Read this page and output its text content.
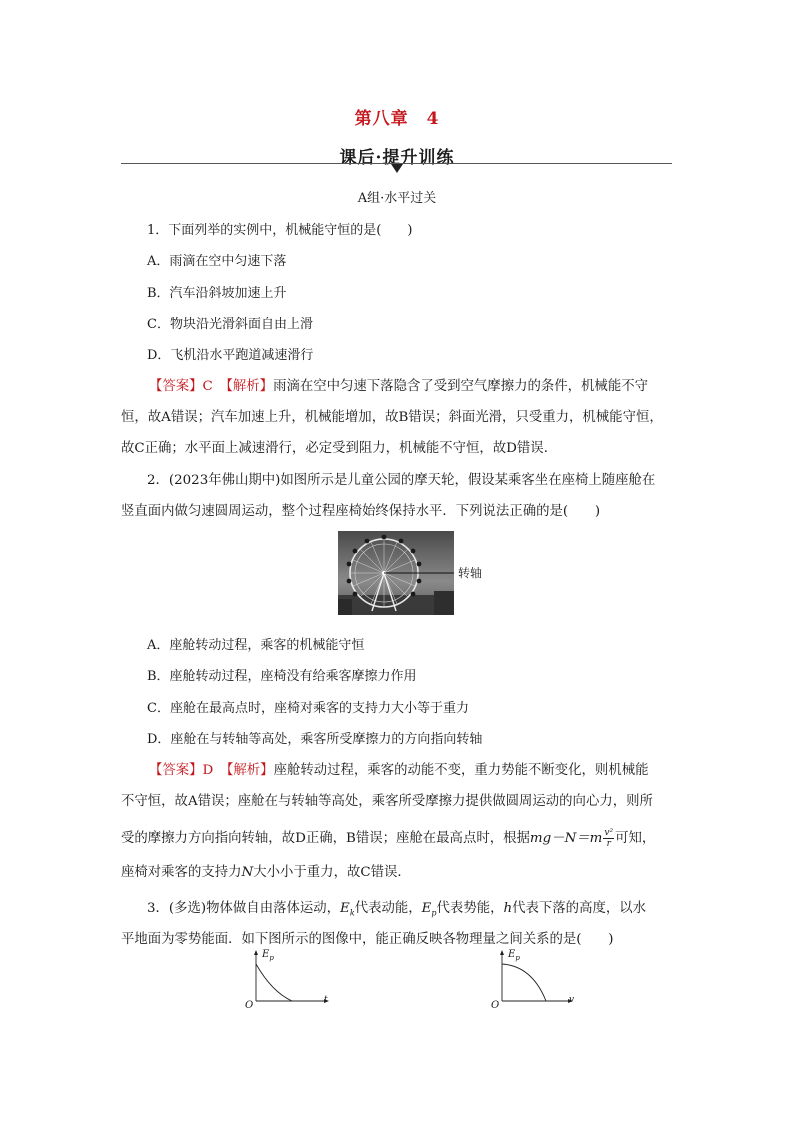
第八章　4
课后·提升训练
A组·水平过关
1．下面列举的实例中，机械能守恒的是(　　)
A．雨滴在空中匀速下落
B．汽车沿斜坡加速上升
C．物块沿光滑斜面自由上滑
D．飞机沿水平跑道减速滑行
【答案】C　【解析】雨滴在空中匀速下落隐含了受到空气摩擦力的条件，机械能不守
恒，故A错误；汽车加速上升，机械能增加，故B错误；斜面光滑，只受重力，机械能守恒，
故C正确；水平面上减速滑行，必定受到阻力，机械能不守恒，故D错误．
2．(2023年佛山期中)如图所示是儿童公园的摩天轮，假设某乘客坐在座椅上随座舱在
竖直面内做匀速圆周运动，整个过程座椅始终保持水平．下列说法正确的是(　　)
转轴
A．座舱转动过程，乘客的机械能守恒
B．座舱转动过程，座椅没有给乘客摩擦力作用
C．座舱在最高点时，座椅对乘客的支持力大小等于重力
D．座舱在与转轴等高处，乘客所受摩擦力的方向指向转轴
【答案】D　【解析】座舱转动过程，乘客的动能不变，重力势能不断变化，则机械能
不守恒，故A错误；座舱在与转轴等高处，乘客所受摩擦力提供做圆周运动的向心力，则所
受的摩擦力方向指向转轴，故D正确，B错误；座舱在最高点时，根据$mg-N=m \frac{\text{v²}}{r}$ 可知，
座椅对乘客的支持力N大小小于重力，故C错误．
3．(多选)物体做自由落体运动，$E_k$代表动能，$E_p$代表势能，h代表下落的高度，以水
平地面为零势能面．如下图所示的图像中，能正确反映各物理量之间关系的是(　　)
$E_p$
t
O
$E_p$
v
O
